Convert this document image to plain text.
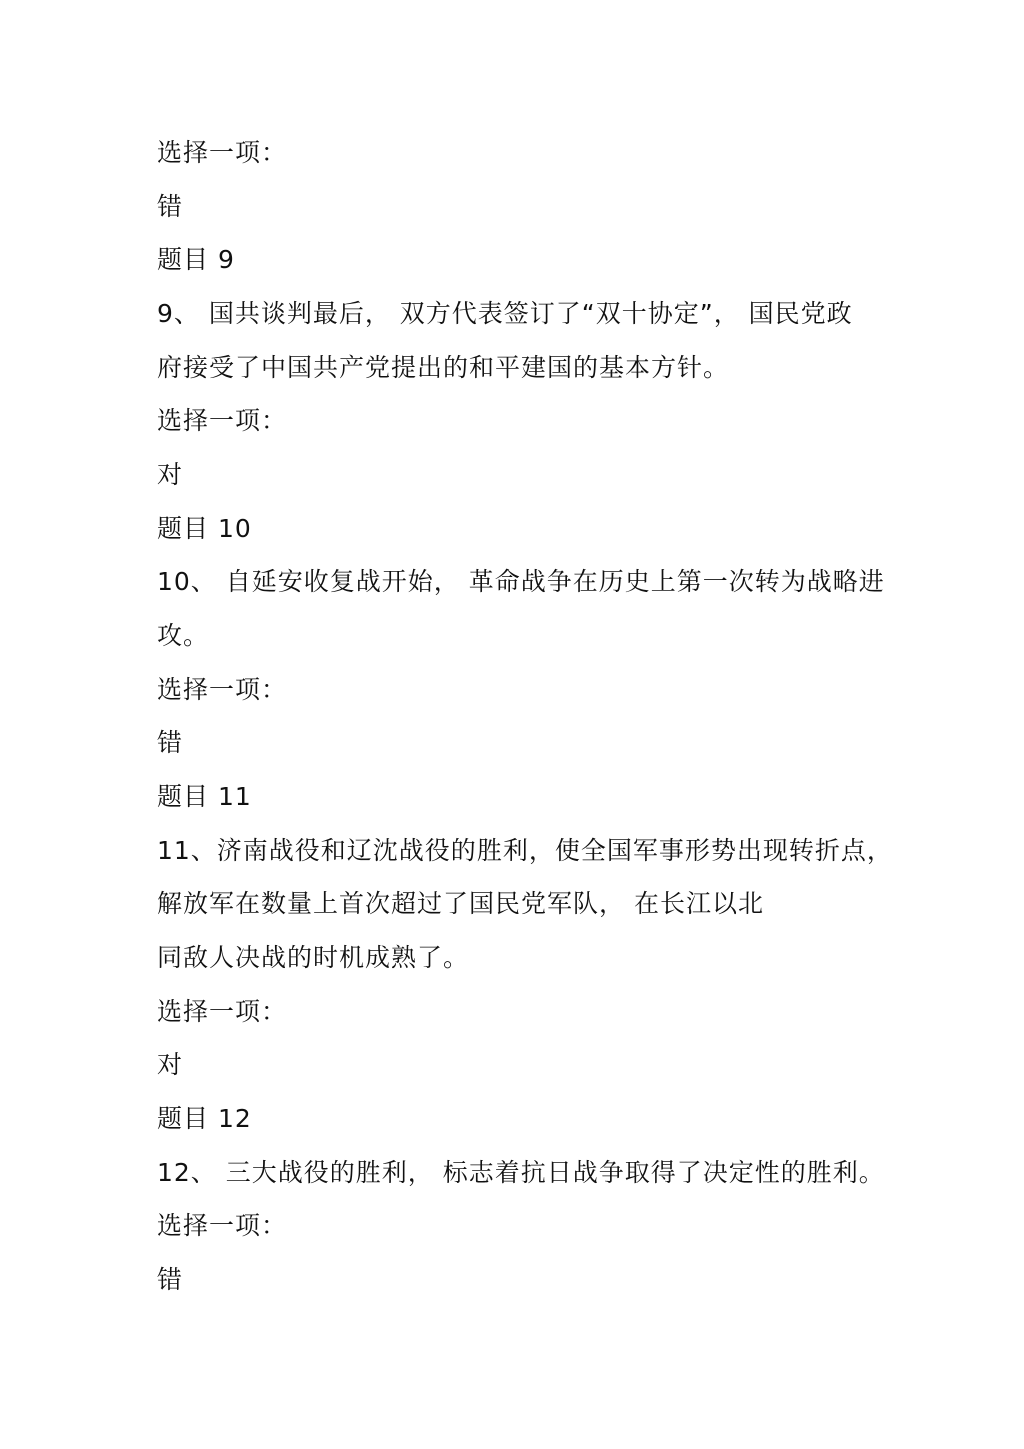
选择一项：
错
题目 9
9、 国共谈判最后， 双方代表签订了“双十协定”， 国民党政
府接受了中国共产党提出的和平建国的基本方针。
选择一项：
对
题目 10
10、 自延安收复战开始， 革命战争在历史上第一次转为战略进
攻。
选择一项：
错
题目 11
11、济南战役和辽沈战役的胜利，使全国军事形势出现转折点，
解放军在数量上首次超过了国民党军队， 在长江以北
同敌人决战的时机成熟了。
选择一项：
对
题目 12
12、 三大战役的胜利， 标志着抗日战争取得了决定性的胜利。
选择一项：
错
